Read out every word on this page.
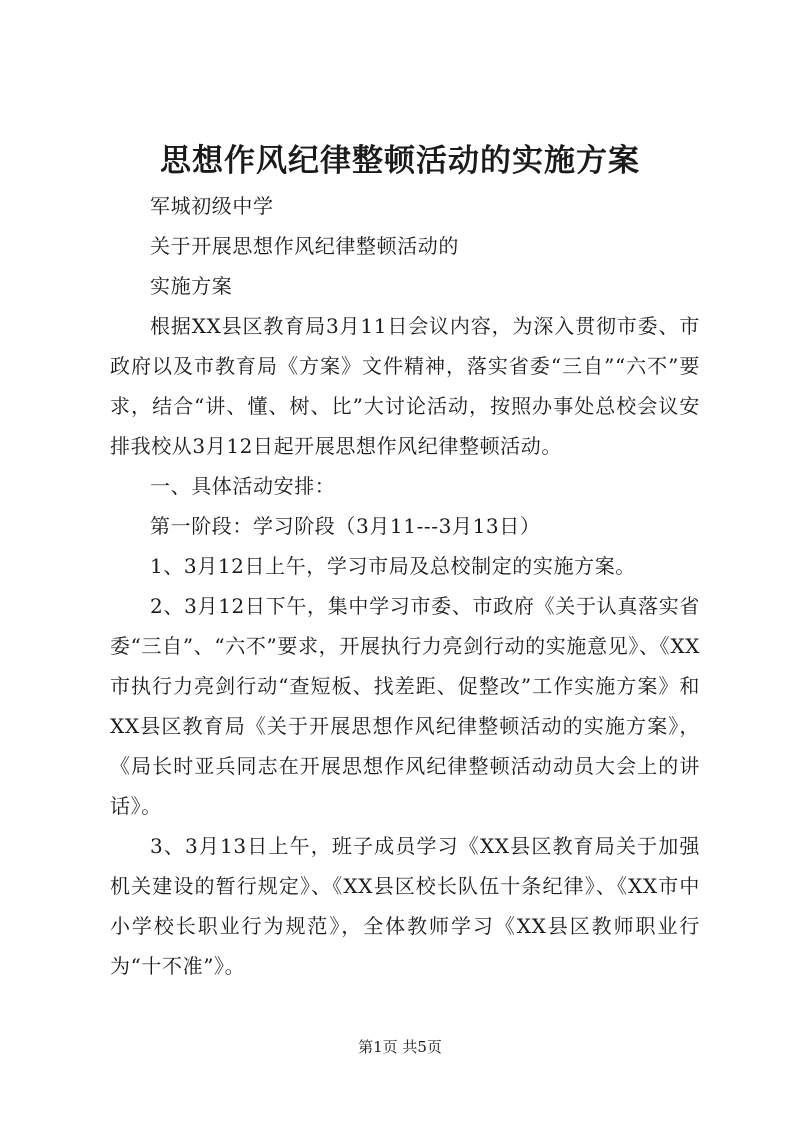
思想作风纪律整顿活动的实施方案

军城初级中学

关于开展思想作风纪律整顿活动的

实施方案

根据XX县区教育局3月11日会议内容，为深入贯彻市委、市政府以及市教育局《方案》文件精神，落实省委“三自”“六不”要求，结合“讲、懂、树、比”大讨论活动，按照办事处总校会议安排我校从3月12日起开展思想作风纪律整顿活动。

一、具体活动安排：

第一阶段：学习阶段（3月11---3月13日）

1、3月12日上午，学习市局及总校制定的实施方案。

2、3月12日下午，集中学习市委、市政府《关于认真落实省委“三自”、“六不”要求，开展执行力亮剑行动的实施意见》、《XX市执行力亮剑行动“查短板、找差距、促整改”工作实施方案》和XX县区教育局《关于开展思想作风纪律整顿活动的实施方案》，《局长时亚兵同志在开展思想作风纪律整顿活动动员大会上的讲话》。

3、3月13日上午，班子成员学习《XX县区教育局关于加强机关建设的暂行规定》、《XX县区校长队伍十条纪律》、《XX市中小学校长职业行为规范》，全体教师学习《XX县区教师职业行为“十不准”》。

第1页 共5页
